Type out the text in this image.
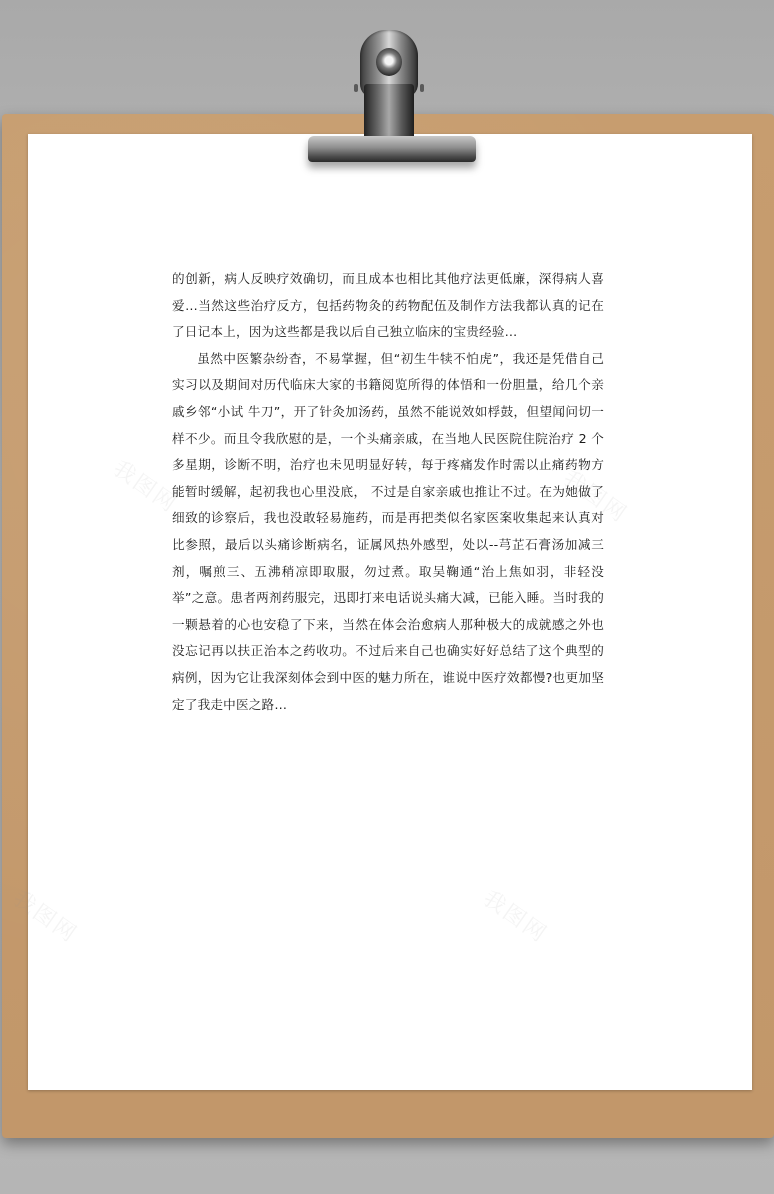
我图网	我图网
我图网	我图网

的创新，病人反映疗效确切，而且成本也相比其他疗法更低廉，深得病人喜爱…当然这些治疗反方，包括药物灸的药物配伍及制作方法我都认真的记在了日记本上，因为这些都是我以后自己独立临床的宝贵经验…

虽然中医繁杂纷杳，不易掌握，但“初生牛犊不怕虎”，我还是凭借自己实习以及期间对历代临床大家的书籍阅览所得的体悟和一份胆量，给几个亲戚乡邻“小试 牛刀”，开了针灸加汤药，虽然不能说效如桴鼓，但望闻问切一样不少。而且令我欣慰的是，一个头痛亲戚，在当地人民医院住院治疗 2 个多星期，诊断不明，治疗也未见明显好转，每于疼痛发作时需以止痛药物方能暂时缓解，起初我也心里没底， 不过是自家亲戚也推让不过。在为她做了细致的诊察后，我也没敢轻易施药，而是再把类似名家医案收集起来认真对比参照，最后以头痛诊断病名，证属风热外感型，处以--芎芷石膏汤加减三剂，嘱煎三、五沸稍凉即取服，勿过煮。取吴鞠通“治上焦如羽，非轻没举”之意。患者两剂药服完，迅即打来电话说头痛大减，已能入睡。当时我的一颗悬着的心也安稳了下来，当然在体会治愈病人那种极大的成就感之外也没忘记再以扶正治本之药收功。不过后来自己也确实好好总结了这个典型的病例，因为它让我深刻体会到中医的魅力所在，谁说中医疗效都慢?也更加坚定了我走中医之路…
